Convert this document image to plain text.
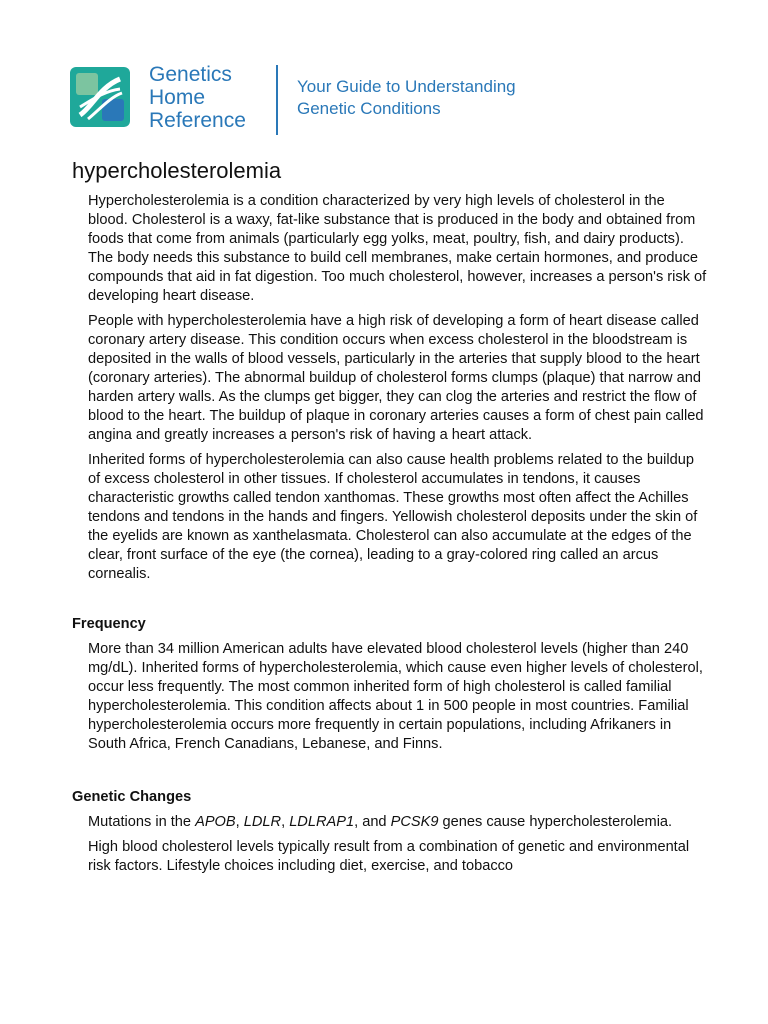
Genetics
Home
Reference
Your Guide to Understanding
Genetic Conditions
hypercholesterolemia

Hypercholesterolemia is a condition characterized by very high levels of cholesterol in the blood. Cholesterol is a waxy, fat-like substance that is produced in the body and obtained from foods that come from animals (particularly egg yolks, meat, poultry, fish, and dairy products). The body needs this substance to build cell membranes, make certain hormones, and produce compounds that aid in fat digestion. Too much cholesterol, however, increases a person's risk of developing heart disease.

People with hypercholesterolemia have a high risk of developing a form of heart disease called coronary artery disease. This condition occurs when excess cholesterol in the bloodstream is deposited in the walls of blood vessels, particularly in the arteries that supply blood to the heart (coronary arteries). The abnormal buildup of cholesterol forms clumps (plaque) that narrow and harden artery walls. As the clumps get bigger, they can clog the arteries and restrict the flow of blood to the heart. The buildup of plaque in coronary arteries causes a form of chest pain called angina and greatly increases a person's risk of having a heart attack.

Inherited forms of hypercholesterolemia can also cause health problems related to the buildup of excess cholesterol in other tissues. If cholesterol accumulates in tendons, it causes characteristic growths called tendon xanthomas. These growths most often affect the Achilles tendons and tendons in the hands and fingers. Yellowish cholesterol deposits under the skin of the eyelids are known as xanthelasmata. Cholesterol can also accumulate at the edges of the clear, front surface of the eye (the cornea), leading to a gray-colored ring called an arcus cornealis.

Frequency

More than 34 million American adults have elevated blood cholesterol levels (higher than 240 mg/dL). Inherited forms of hypercholesterolemia, which cause even higher levels of cholesterol, occur less frequently. The most common inherited form of high cholesterol is called familial hypercholesterolemia. This condition affects about 1 in 500 people in most countries. Familial hypercholesterolemia occurs more frequently in certain populations, including Afrikaners in South Africa, French Canadians, Lebanese, and Finns.

Genetic Changes

Mutations in the APOB, LDLR, LDLRAP1, and PCSK9 genes cause hypercholesterolemia.

High blood cholesterol levels typically result from a combination of genetic and environmental risk factors. Lifestyle choices including diet, exercise, and tobacco
